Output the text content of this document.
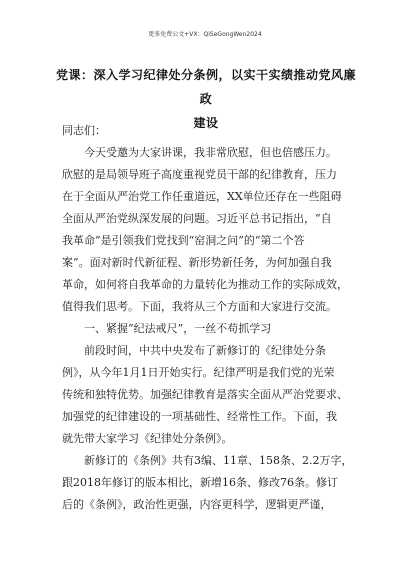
更多免费公文+VX：QiSeGongWen2024
党课：深入学习纪律处分条例，以实干实绩推动党风廉政
建设
同志们：
今天受邀为大家讲课，我非常欣慰，但也倍感压力。
欣慰的是局领导班子高度重视党员干部的纪律教育，压力
在于全面从严治党工作任重道远，XX单位还存在一些阻碍
全面从严治党纵深发展的问题。习近平总书记指出，“自
我革命”是引领我们党找到“窑洞之问”的“第二个答
案”。面对新时代新征程、新形势新任务，为何加强自我
革命，如何将自我革命的力量转化为推动工作的实际成效，
值得我们思考。下面，我将从三个方面和大家进行交流。
一、紧握“纪法戒尺”，一丝不苟抓学习
前段时间，中共中央发布了新修订的《纪律处分条
例》，从今年1月1日开始实行。纪律严明是我们党的光荣
传统和独特优势。加强纪律教育是落实全面从严治党要求、
加强党的纪律建设的一项基础性、经常性工作。下面，我
就先带大家学习《纪律处分条例》。
新修订的《条例》共有3编、11章、158条、2.2万字，
跟2018年修订的版本相比，新增16条、修改76条。修订
后的《条例》，政治性更强，内容更科学，逻辑更严谨，
